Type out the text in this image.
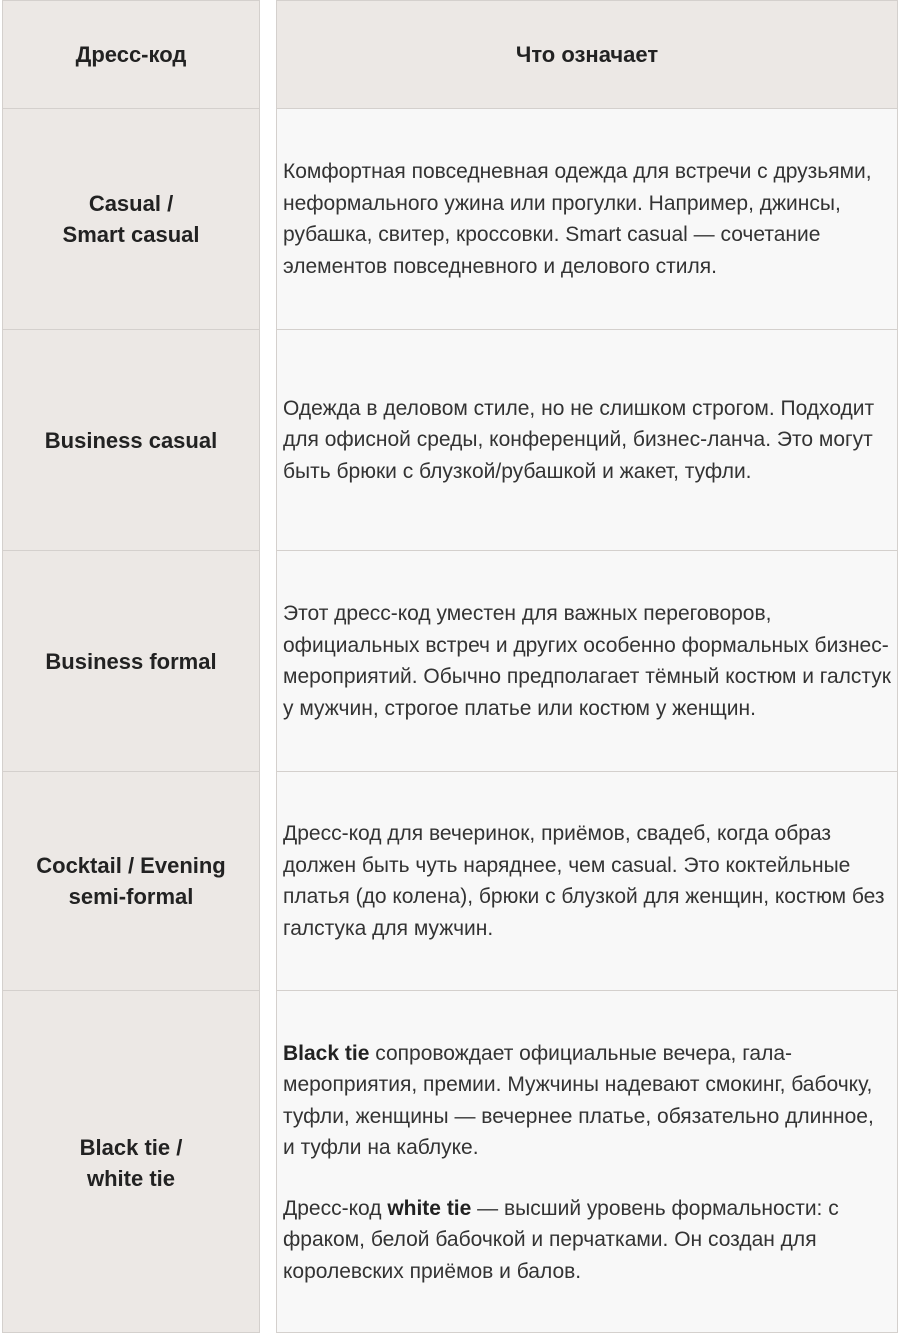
Дресс-код
Casual /
Smart casual
Business casual
Business formal
Cocktail / Evening
semi-formal
Black tie /
white tie
Что означает
Комфортная повседневная одежда для встречи с друзьями, неформального ужина или прогулки. Например, джинсы, рубашка, свитер, кроссовки. Smart casual — сочетание элементов повседневного и делового стиля.
Одежда в деловом стиле, но не слишком строгом. Подходит для офисной среды, конференций, бизнес-ланча. Это могут быть брюки с блузкой/рубашкой и жакет, туфли.
Этот дресс-код уместен для важных переговоров, официальных встреч и других особенно формальных бизнес-мероприятий. Обычно предполагает тёмный костюм и галстук у мужчин, строгое платье или костюм у женщин.
Дресс-код для вечеринок, приёмов, свадеб, когда образ должен быть чуть наряднее, чем casual. Это коктейльные платья (до колена), брюки с блузкой для женщин, костюм без галстука для мужчин.
Black tie сопровождает официальные вечера, гала-мероприятия, премии. Мужчины надевают смокинг, бабочку, туфли, женщины — вечернее платье, обязательно длинное, и туфли на каблуке.
Дресс-код white tie — высший уровень формальности: с фраком, белой бабочкой и перчатками. Он создан для королевских приёмов и балов.
